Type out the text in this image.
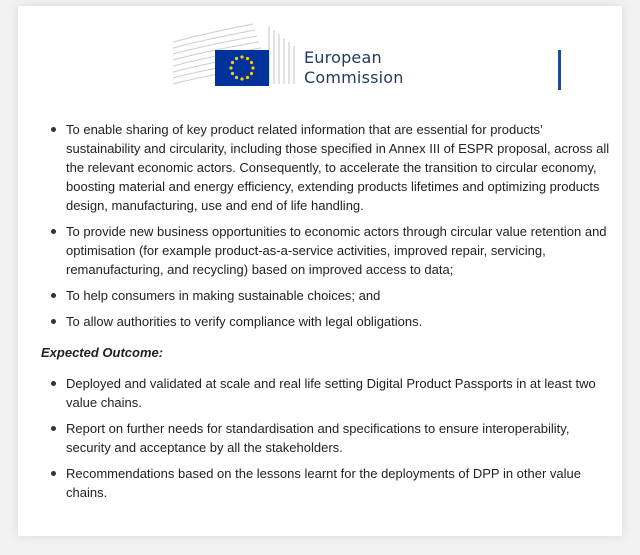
European
Commission
To enable sharing of key product related information that are essential for products’ sustainability and circularity, including those specified in Annex III of ESPR proposal, across all the relevant economic actors. Consequently, to accelerate the transition to circular economy, boosting material and energy efficiency, extending products lifetimes and optimizing products design, manufacturing, use and end of life handling.
To provide new business opportunities to economic actors through circular value retention and optimisation (for example product-as-a-service activities, improved repair, servicing, remanufacturing, and recycling) based on improved access to data;
To help consumers in making sustainable choices; and
To allow authorities to verify compliance with legal obligations.
Expected Outcome:
Deployed and validated at scale and real life setting Digital Product Passports in at least two value chains.
Report on further needs for standardisation and specifications to ensure interoperability, security and acceptance by all the stakeholders.
Recommendations based on the lessons learnt for the deployments of DPP in other value chains.
